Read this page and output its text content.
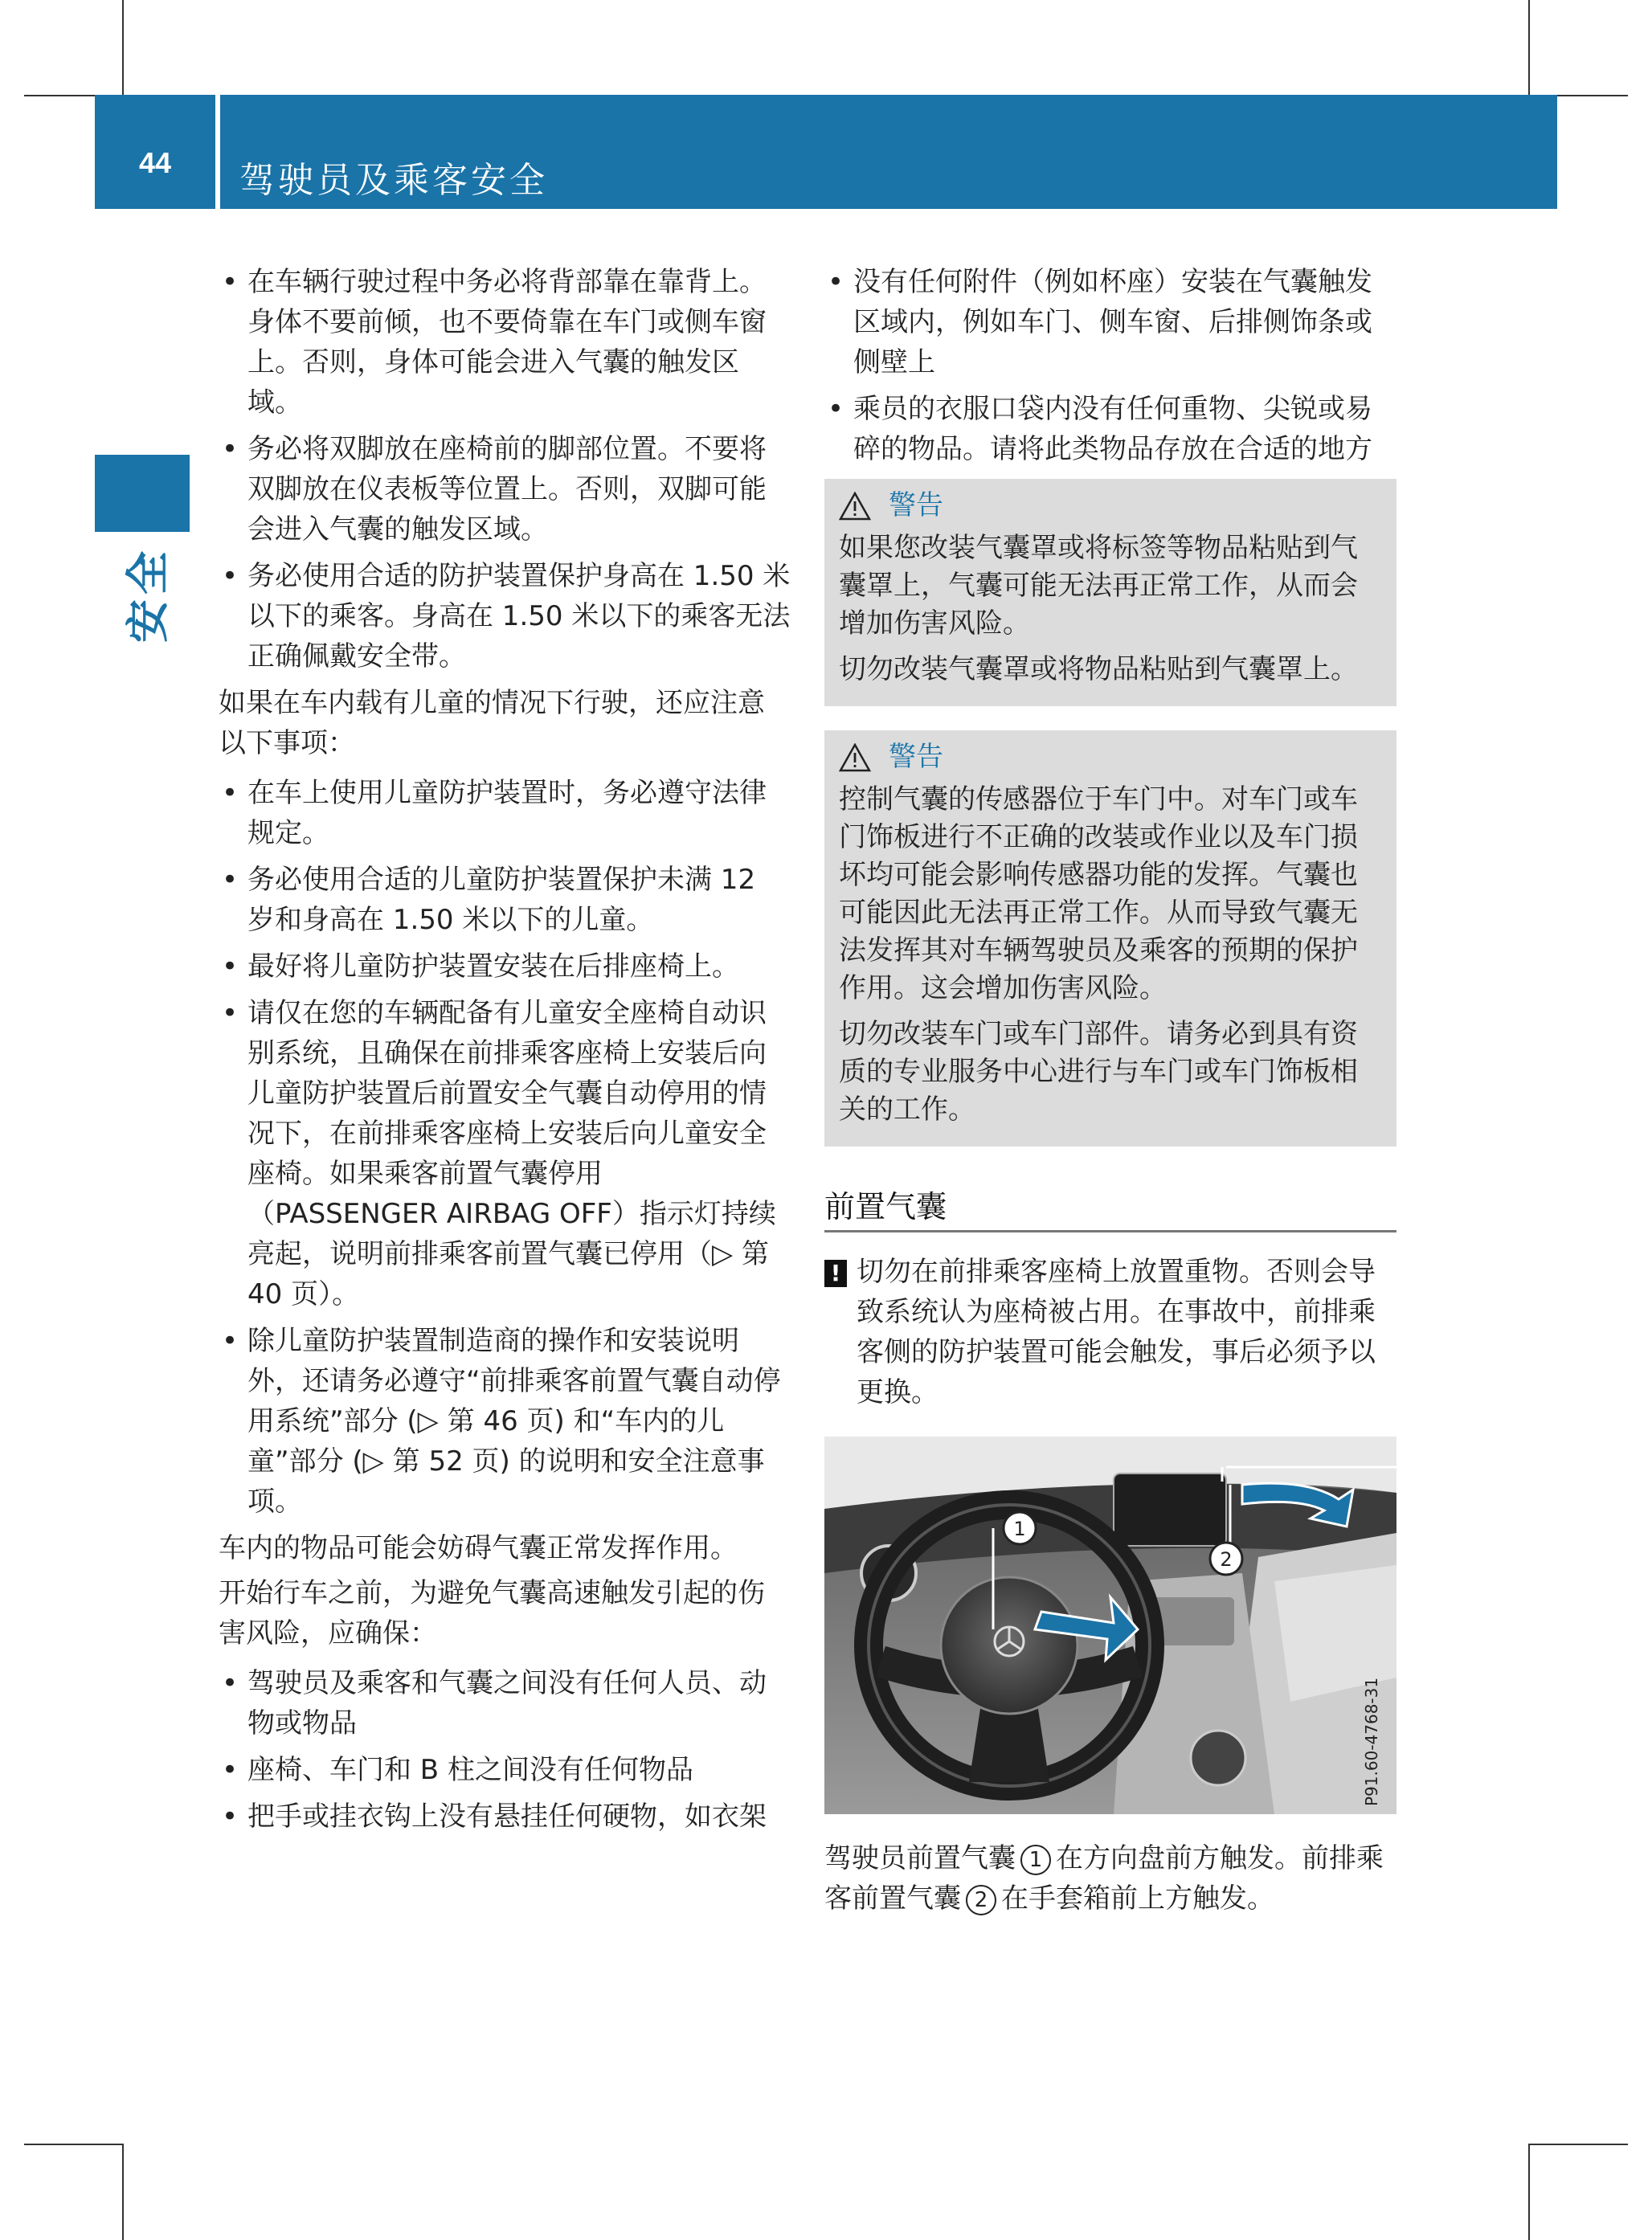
44	驾驶员及乘客安全
安全
• 在车辆行驶过程中务必将背部靠在靠背上。身体不要前倾，也不要倚靠在车门或侧车窗上。否则，身体可能会进入气囊的触发区域。
• 务必将双脚放在座椅前的脚部位置。不要将双脚放在仪表板等位置上。否则，双脚可能会进入气囊的触发区域。
• 务必使用合适的防护装置保护身高在 1.50 米以下的乘客。身高在 1.50 米以下的乘客无法正确佩戴安全带。

如果在车内载有儿童的情况下行驶，还应注意以下事项：

• 在车上使用儿童防护装置时，务必遵守法律规定。
• 务必使用合适的儿童防护装置保护未满 12 岁和身高在 1.50 米以下的儿童。
• 最好将儿童防护装置安装在后排座椅上。
• 请仅在您的车辆配备有儿童安全座椅自动识别系统，且确保在前排乘客座椅上安装后向儿童防护装置后前置安全气囊自动停用的情况下，在前排乘客座椅上安装后向儿童安全座椅。如果乘客前置气囊停用（PASSENGER AIRBAG OFF）指示灯持续亮起，说明前排乘客前置气囊已停用（▷ 第 40 页）。
• 除儿童防护装置制造商的操作和安装说明外，还请务必遵守“前排乘客前置气囊自动停用系统”部分 (▷ 第 46 页) 和“车内的儿童”部分 (▷ 第 52 页) 的说明和安全注意事项。

车内的物品可能会妨碍气囊正常发挥作用。

开始行车之前，为避免气囊高速触发引起的伤害风险，应确保：

• 驾驶员及乘客和气囊之间没有任何人员、动物或物品
• 座椅、车门和 B 柱之间没有任何物品
• 把手或挂衣钩上没有悬挂任何硬物，如衣架
• 没有任何附件（例如杯座）安装在气囊触发区域内，例如车门、侧车窗、后排侧饰条或侧壁上
• 乘员的衣服口袋内没有任何重物、尖锐或易碎的物品。请将此类物品存放在合适的地方
警告

如果您改装气囊罩或将标签等物品粘贴到气囊罩上，气囊可能无法再正常工作，从而会增加伤害风险。

切勿改装气囊罩或将物品粘贴到气囊罩上。

警告

控制气囊的传感器位于车门中。对车门或车门饰板进行不正确的改装或作业以及车门损坏均可能会影响传感器功能的发挥。气囊也可能因此无法再正常工作。从而导致气囊无法发挥其对车辆驾驶员及乘客的预期的保护作用。这会增加伤害风险。

切勿改装车门或车门部件。请务必到具有资质的专业服务中心进行与车门或车门饰板相关的工作。

前置气囊
! 切勿在前排乘客座椅上放置重物。否则会导致系统认为座椅被占用。在事故中，前排乘客侧的防护装置可能会触发，事后必须予以更换。
1
2
P91.60-4768-31

驾驶员前置气囊 1 在方向盘前方触发。前排乘客前置气囊 2 在手套箱前上方触发。
